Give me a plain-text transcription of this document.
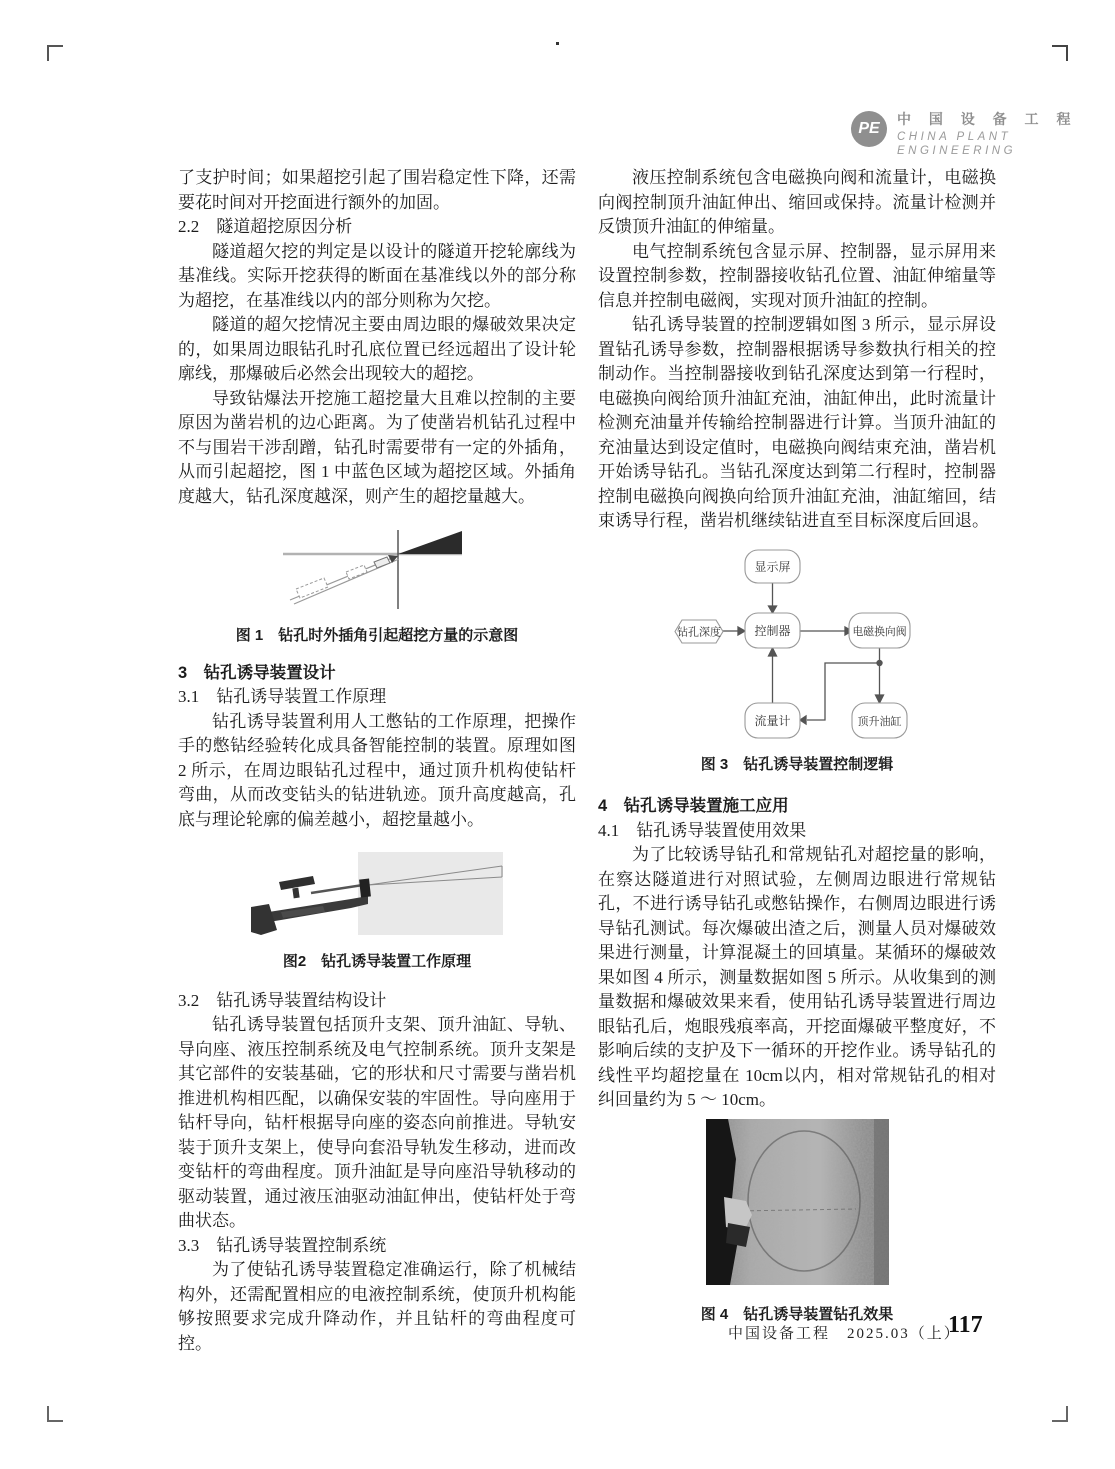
PE
中 国 设 备 工 程
CHINA PLANT
ENGINEERING
了支护时间；如果超挖引起了围岩稳定性下降，还需要花时间对开挖面进行额外的加固。
2.2　隧道超挖原因分析
隧道超欠挖的判定是以设计的隧道开挖轮廓线为基准线。实际开挖获得的断面在基准线以外的部分称为超挖，在基准线以内的部分则称为欠挖。
隧道的超欠挖情况主要由周边眼的爆破效果决定的，如果周边眼钻孔时孔底位置已经远超出了设计轮廓线，那爆破后必然会出现较大的超挖。
导致钻爆法开挖施工超挖量大且难以控制的主要原因为凿岩机的边心距离。为了使凿岩机钻孔过程中不与围岩干涉刮蹭，钻孔时需要带有一定的外插角，从而引起超挖，图 1 中蓝色区域为超挖区域。外插角度越大，钻孔深度越深，则产生的超挖量越大。
图 1　钻孔时外插角引起超挖方量的示意图
3　钻孔诱导装置设计
3.1　钻孔诱导装置工作原理
钻孔诱导装置利用人工憋钻的工作原理，把操作手的憋钻经验转化成具备智能控制的装置。原理如图 2 所示，在周边眼钻孔过程中，通过顶升机构使钻杆弯曲，从而改变钻头的钻进轨迹。顶升高度越高，孔底与理论轮廓的偏差越小，超挖量越小。
图2　钻孔诱导装置工作原理
3.2　钻孔诱导装置结构设计
钻孔诱导装置包括顶升支架、顶升油缸、导轨、导向座、液压控制系统及电气控制系统。顶升支架是其它部件的安装基础，它的形状和尺寸需要与凿岩机推进机构相匹配，以确保安装的牢固性。导向座用于钻杆导向，钻杆根据导向座的姿态向前推进。导轨安装于顶升支架上，使导向套沿导轨发生移动，进而改变钻杆的弯曲程度。顶升油缸是导向座沿导轨移动的驱动装置，通过液压油驱动油缸伸出，使钻杆处于弯曲状态。
3.3　钻孔诱导装置控制系统
为了使钻孔诱导装置稳定准确运行，除了机械结构外，还需配置相应的电液控制系统，使顶升机构能够按照要求完成升降动作，并且钻杆的弯曲程度可控。
液压控制系统包含电磁换向阀和流量计，电磁换向阀控制顶升油缸伸出、缩回或保持。流量计检测并反馈顶升油缸的伸缩量。
电气控制系统包含显示屏、控制器，显示屏用来设置控制参数，控制器接收钻孔位置、油缸伸缩量等信息并控制电磁阀，实现对顶升油缸的控制。
钻孔诱导装置的控制逻辑如图 3 所示，显示屏设置钻孔诱导参数，控制器根据诱导参数执行相关的控制动作。当控制器接收到钻孔深度达到第一行程时，电磁换向阀给顶升油缸充油，油缸伸出，此时流量计检测充油量并传输给控制器进行计算。当顶升油缸的充油量达到设定值时，电磁换向阀结束充油，凿岩机开始诱导钻孔。当钻孔深度达到第二行程时，控制器控制电磁换向阀换向给顶升油缸充油，油缸缩回，结束诱导行程，凿岩机继续钻进直至目标深度后回退。
显示屏
钻孔深度	控制器	电磁换向阀
流量计	顶升油缸
图 3　钻孔诱导装置控制逻辑
4　钻孔诱导装置施工应用
4.1　钻孔诱导装置使用效果
为了比较诱导钻孔和常规钻孔对超挖量的影响，在察达隧道进行对照试验，左侧周边眼进行常规钻孔，不进行诱导钻孔或憋钻操作，右侧周边眼进行诱导钻孔测试。每次爆破出渣之后，测量人员对爆破效果进行测量，计算混凝土的回填量。某循环的爆破效果如图 4 所示，测量数据如图 5 所示。从收集到的测量数据和爆破效果来看，使用钻孔诱导装置进行周边眼钻孔后，炮眼残痕率高，开挖面爆破平整度好，不影响后续的支护及下一循环的开挖作业。诱导钻孔的线性平均超挖量在 10cm以内，相对常规钻孔的相对纠回量约为 5 ～ 10cm。
图 4　钻孔诱导装置钻孔效果
中国设备工程　2025.03（上）
117
